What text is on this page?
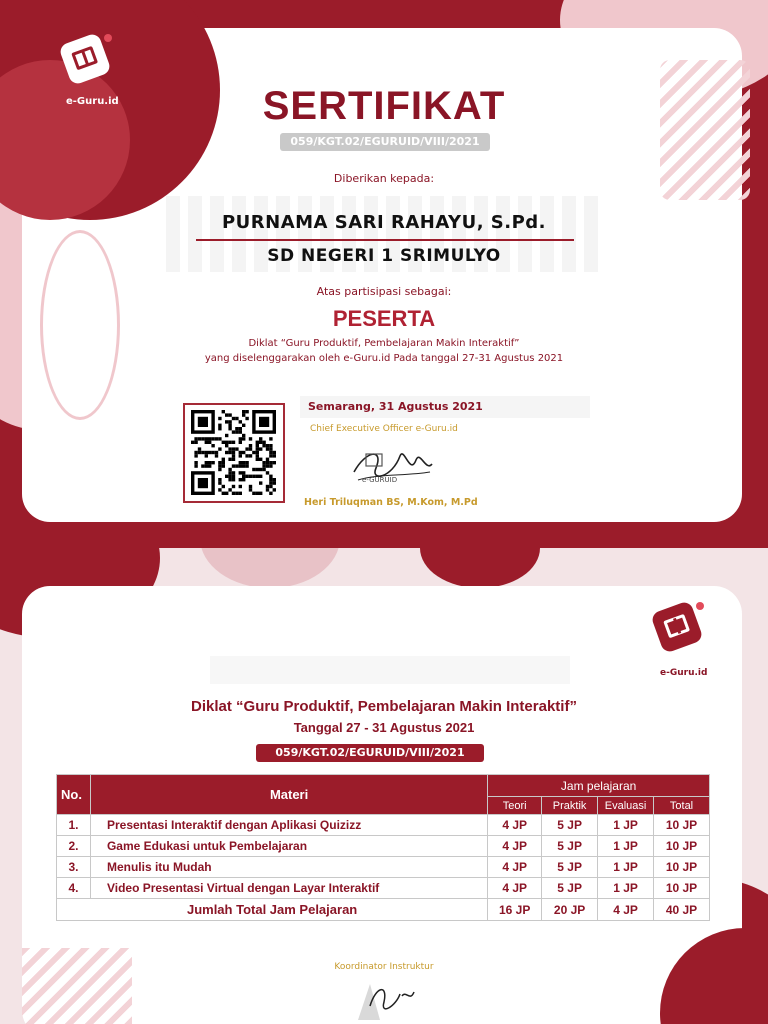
e-Guru.id	SERTIFIKAT
059/KGT.02/EGURUID/VIII/2021
Diberikan kepada:
PURNAMA SARI RAHAYU, S.Pd.
SD NEGERI 1 SRIMULYO
Atas partisipasi sebagai:
PESERTA
Diklat “Guru Produktif, Pembelajaran Makin Interaktif”
yang diselenggarakan oleh e-Guru.id Pada tanggal 27-31 Agustus 2021
Semarang, 31 Agustus 2021
Chief Executive Officer e-Guru.id
e-GURUID
Heri Triluqman BS, M.Kom, M.Pd
e-Guru.id
Diklat “Guru Produktif, Pembelajaran Makin Interaktif”
Tanggal 27 - 31 Agustus 2021
059/KGT.02/EGURUID/VIII/2021
No.	Materi	Jam pelajaran			
		Teori	Praktik	Evaluasi	Total
1.	Presentasi Interaktif dengan Aplikasi Quizizz	4 JP	5 JP	1 JP	10 JP
2.	Game Edukasi untuk Pembelajaran	4 JP	5 JP	1 JP	10 JP
3.	Menulis itu Mudah	4 JP	5 JP	1 JP	10 JP
4.	Video Presentasi Virtual dengan Layar Interaktif	4 JP	5 JP	1 JP	10 JP
Jumlah Total Jam Pelajaran		16 JP	20 JP	4 JP	40 JP
Koordinator Instruktur
